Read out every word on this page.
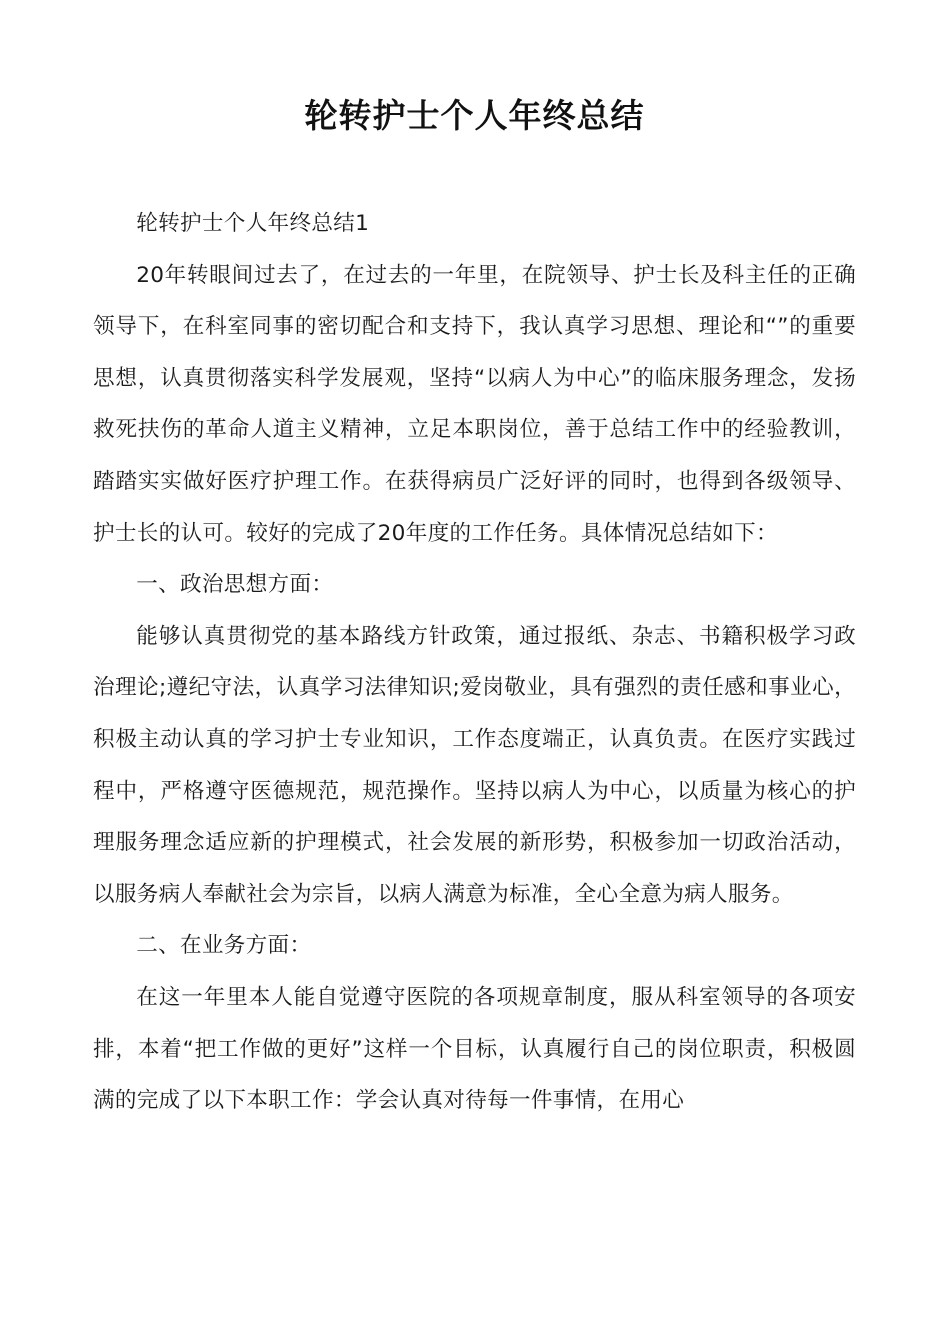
轮转护士个人年终总结

轮转护士个人年终总结1

20年转眼间过去了，在过去的一年里，在院领导、护士长及科主任的正确领导下，在科室同事的密切配合和支持下，我认真学习思想、理论和“”的重要思想，认真贯彻落实科学发展观，坚持“以病人为中心”的临床服务理念，发扬救死扶伤的革命人道主义精神，立足本职岗位，善于总结工作中的经验教训，踏踏实实做好医疗护理工作。在获得病员广泛好评的同时，也得到各级领导、护士长的认可。较好的完成了20年度的工作任务。具体情况总结如下：

一、政治思想方面：

能够认真贯彻党的基本路线方针政策，通过报纸、杂志、书籍积极学习政治理论;遵纪守法，认真学习法律知识;爱岗敬业，具有强烈的责任感和事业心，积极主动认真的学习护士专业知识，工作态度端正，认真负责。在医疗实践过程中，严格遵守医德规范，规范操作。坚持以病人为中心，以质量为核心的护理服务理念适应新的护理模式，社会发展的新形势，积极参加一切政治活动，以服务病人奉献社会为宗旨，以病人满意为标准，全心全意为病人服务。

二、在业务方面：

在这一年里本人能自觉遵守医院的各项规章制度，服从科室领导的各项安排，本着“把工作做的更好”这样一个目标，认真履行自己的岗位职责，积极圆满的完成了以下本职工作：学会认真对待每一件事情，在用心
